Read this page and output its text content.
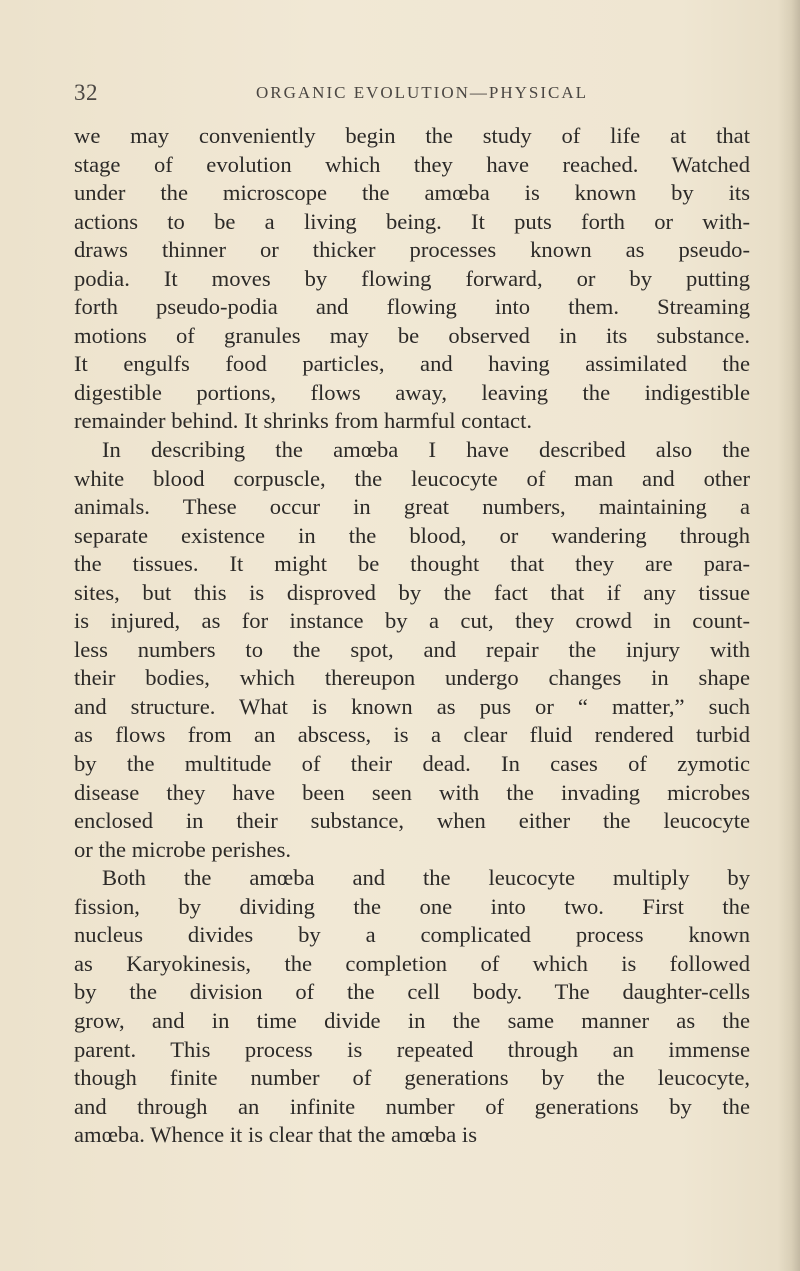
32	ORGANIC EVOLUTION—PHYSICAL
we may conveniently begin the study of life at that
stage of evolution which they have reached. Watched
under the microscope the amœba is known by its
actions to be a living being. It puts forth or with-
draws thinner or thicker processes known as pseudo-
podia. It moves by flowing forward, or by putting
forth pseudo-podia and flowing into them. Streaming
motions of granules may be observed in its substance.
It engulfs food particles, and having assimilated the
digestible portions, flows away, leaving the indigestible
remainder behind. It shrinks from harmful contact.
In describing the amœba I have described also the
white blood corpuscle, the leucocyte of man and other
animals. These occur in great numbers, maintaining a
separate existence in the blood, or wandering through
the tissues. It might be thought that they are para-
sites, but this is disproved by the fact that if any tissue
is injured, as for instance by a cut, they crowd in count-
less numbers to the spot, and repair the injury with
their bodies, which thereupon undergo changes in shape
and structure. What is known as pus or “ matter,” such
as flows from an abscess, is a clear fluid rendered turbid
by the multitude of their dead. In cases of zymotic
disease they have been seen with the invading microbes
enclosed in their substance, when either the leucocyte
or the microbe perishes.
Both the amœba and the leucocyte multiply by
fission, by dividing the one into two. First the
nucleus divides by a complicated process known
as Karyokinesis, the completion of which is followed
by the division of the cell body. The daughter-cells
grow, and in time divide in the same manner as the
parent. This process is repeated through an immense
though finite number of generations by the leucocyte,
and through an infinite number of generations by the
amœba. Whence it is clear that the amœba is
